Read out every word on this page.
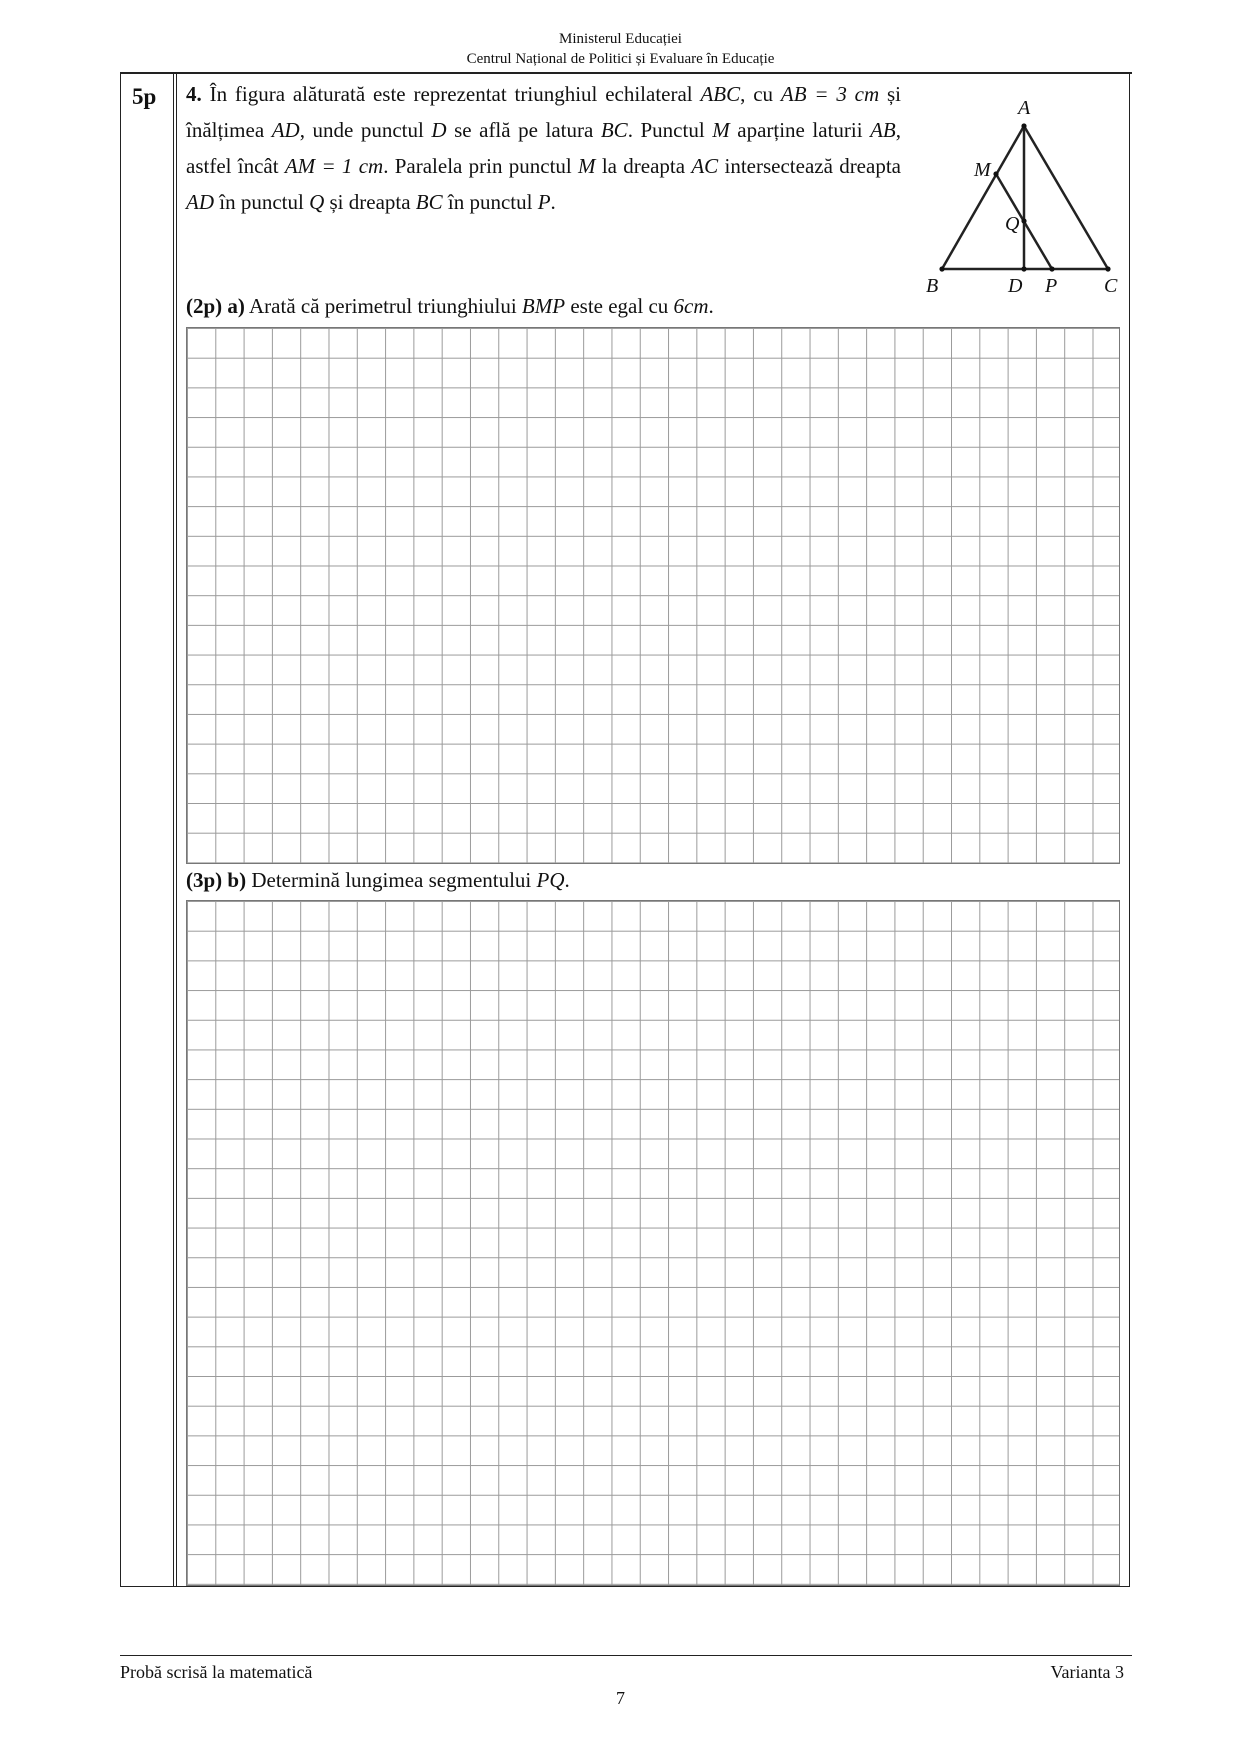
Ministerul Educației
Centrul Național de Politici și Evaluare în Educație
5p 4. În figura alăturată este reprezentat triunghiul echilateral ABC, cu AB = 3 cm și înălțimea AD, unde punctul D se află pe latura BC. Punctul M aparține laturii AB, astfel încât AM = 1 cm. Paralela prin punctul M la dreapta AC intersectează dreapta AD în punctul Q și dreapta BC în punctul P.
A
M
Q
B	D P C
(2p) a) Arată că perimetrul triunghiului BMP este egal cu 6cm.
(3p) b) Determină lungimea segmentului PQ.
Probă scrisă la matematică	Varianta 3
7
